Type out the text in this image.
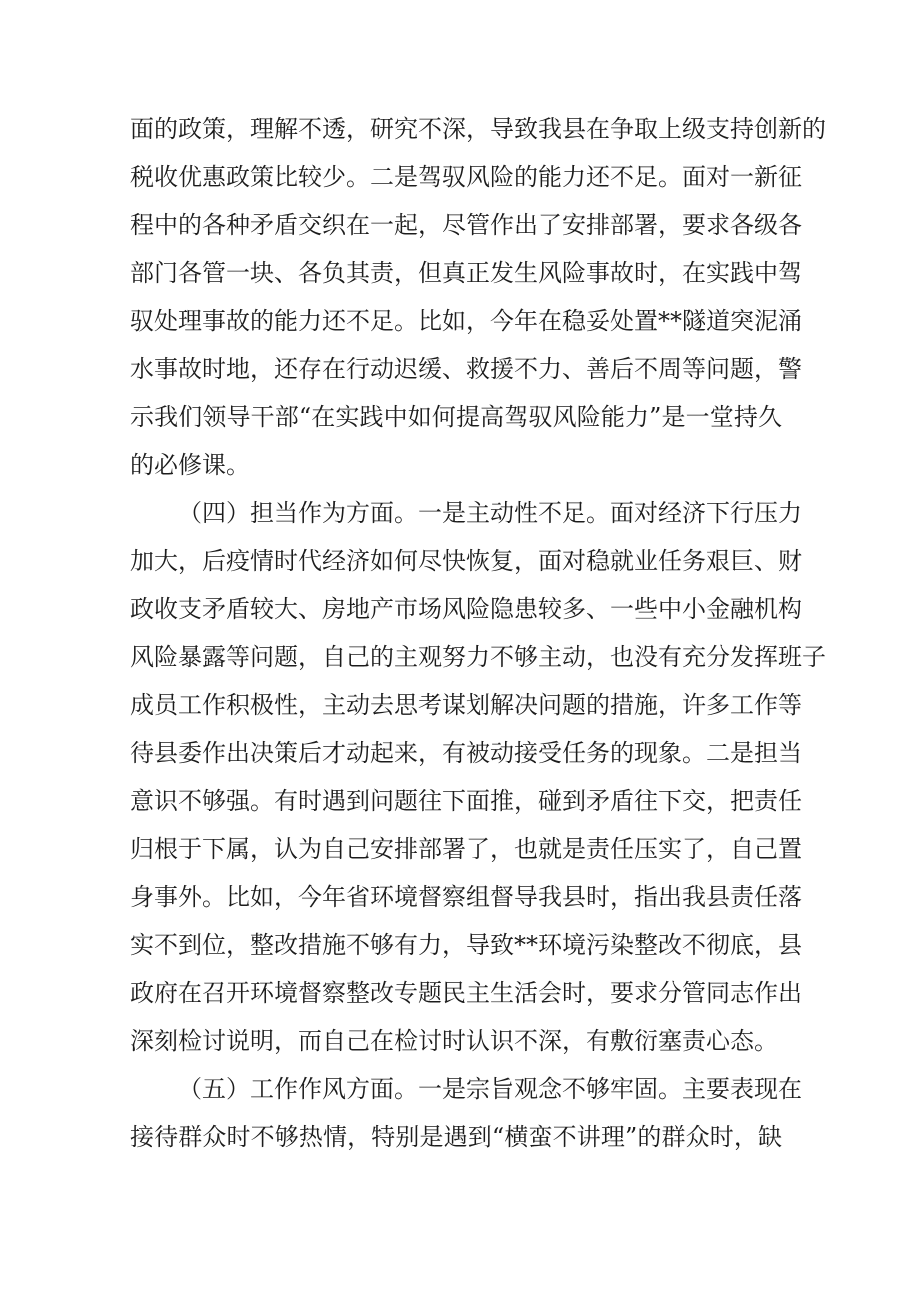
面的政策，理解不透，研究不深，导致我县在争取上级支持创新的
税收优惠政策比较少。二是驾驭风险的能力还不足。面对一新征
程中的各种矛盾交织在一起，尽管作出了安排部署，要求各级各
部门各管一块、各负其责，但真正发生风险事故时，在实践中驾
驭处理事故的能力还不足。比如，今年在稳妥处置**隧道突泥涌
水事故时地，还存在行动迟缓、救援不力、善后不周等问题，警
示我们领导干部“在实践中如何提高驾驭风险能力”是一堂持久
的必修课。
（四）担当作为方面。一是主动性不足。面对经济下行压力
加大，后疫情时代经济如何尽快恢复，面对稳就业任务艰巨、财
政收支矛盾较大、房地产市场风险隐患较多、一些中小金融机构
风险暴露等问题，自己的主观努力不够主动，也没有充分发挥班子
成员工作积极性，主动去思考谋划解决问题的措施，许多工作等
待县委作出决策后才动起来，有被动接受任务的现象。二是担当
意识不够强。有时遇到问题往下面推，碰到矛盾往下交，把责任
归根于下属，认为自己安排部署了，也就是责任压实了，自己置
身事外。比如，今年省环境督察组督导我县时，指出我县责任落
实不到位，整改措施不够有力，导致**环境污染整改不彻底，县
政府在召开环境督察整改专题民主生活会时，要求分管同志作出
深刻检讨说明，而自己在检讨时认识不深，有敷衍塞责心态。
（五）工作作风方面。一是宗旨观念不够牢固。主要表现在
接待群众时不够热情，特别是遇到“横蛮不讲理”的群众时，缺
